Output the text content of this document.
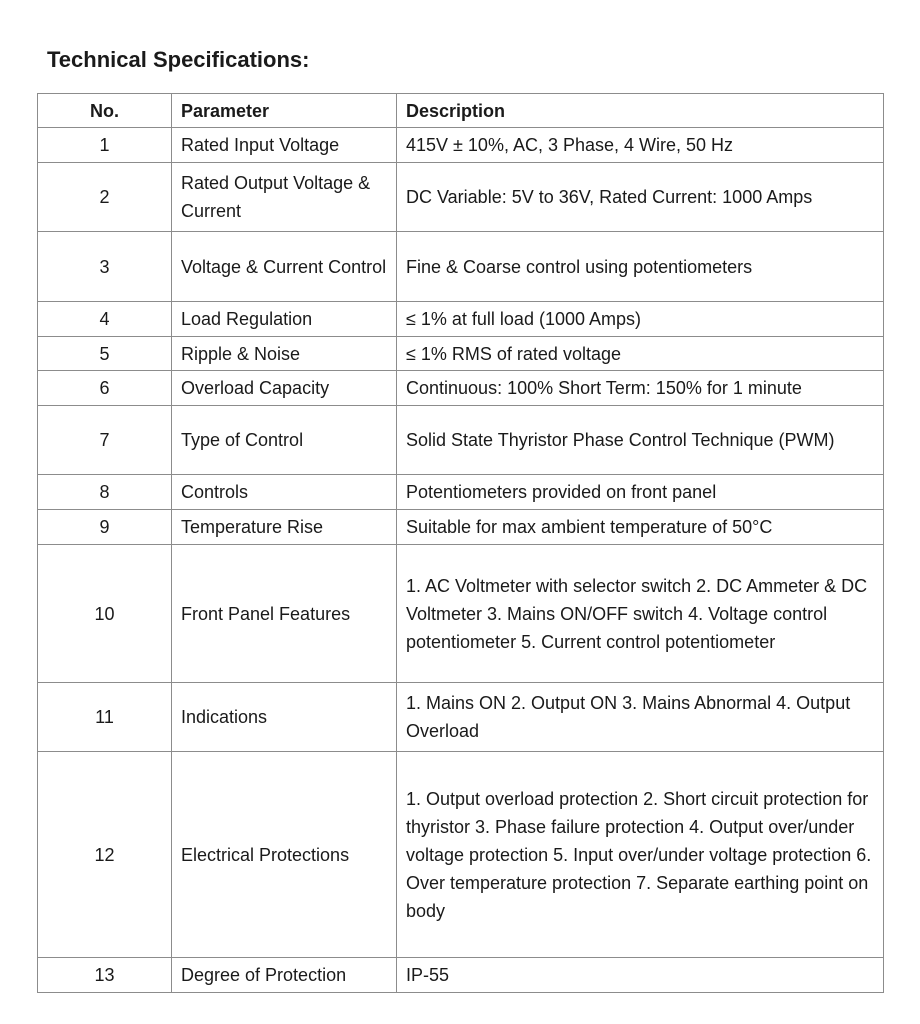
Technical Specifications:
No.	Parameter	Description
1	Rated Input Voltage	415V ± 10%, AC, 3 Phase, 4 Wire, 50 Hz
2	Rated Output Voltage & Current	DC Variable: 5V to 36V, Rated Current: 1000 Amps
3	Voltage & Current Control	Fine & Coarse control using potentiometers
4	Load Regulation	≤ 1% at full load (1000 Amps)
5	Ripple & Noise	≤ 1% RMS of rated voltage
6	Overload Capacity	Continuous: 100% Short Term: 150% for 1 minute
7	Type of Control	Solid State Thyristor Phase Control Technique (PWM)
8	Controls	Potentiometers provided on front panel
9	Temperature Rise	Suitable for max ambient temperature of 50°C
10	Front Panel Features	1. AC Voltmeter with selector switch 2. DC Ammeter & DC Voltmeter 3. Mains ON/OFF switch 4. Voltage control potentiometer 5. Current control potentiometer
11	Indications	1. Mains ON 2. Output ON 3. Mains Abnormal 4. Output Overload
12	Electrical Protections	1. Output overload protection 2. Short circuit protection for thyristor 3. Phase failure protection 4. Output over/under voltage protection 5. Input over/under voltage protection 6. Over temperature protection 7. Separate earthing point on body
13	Degree of Protection	IP-55
